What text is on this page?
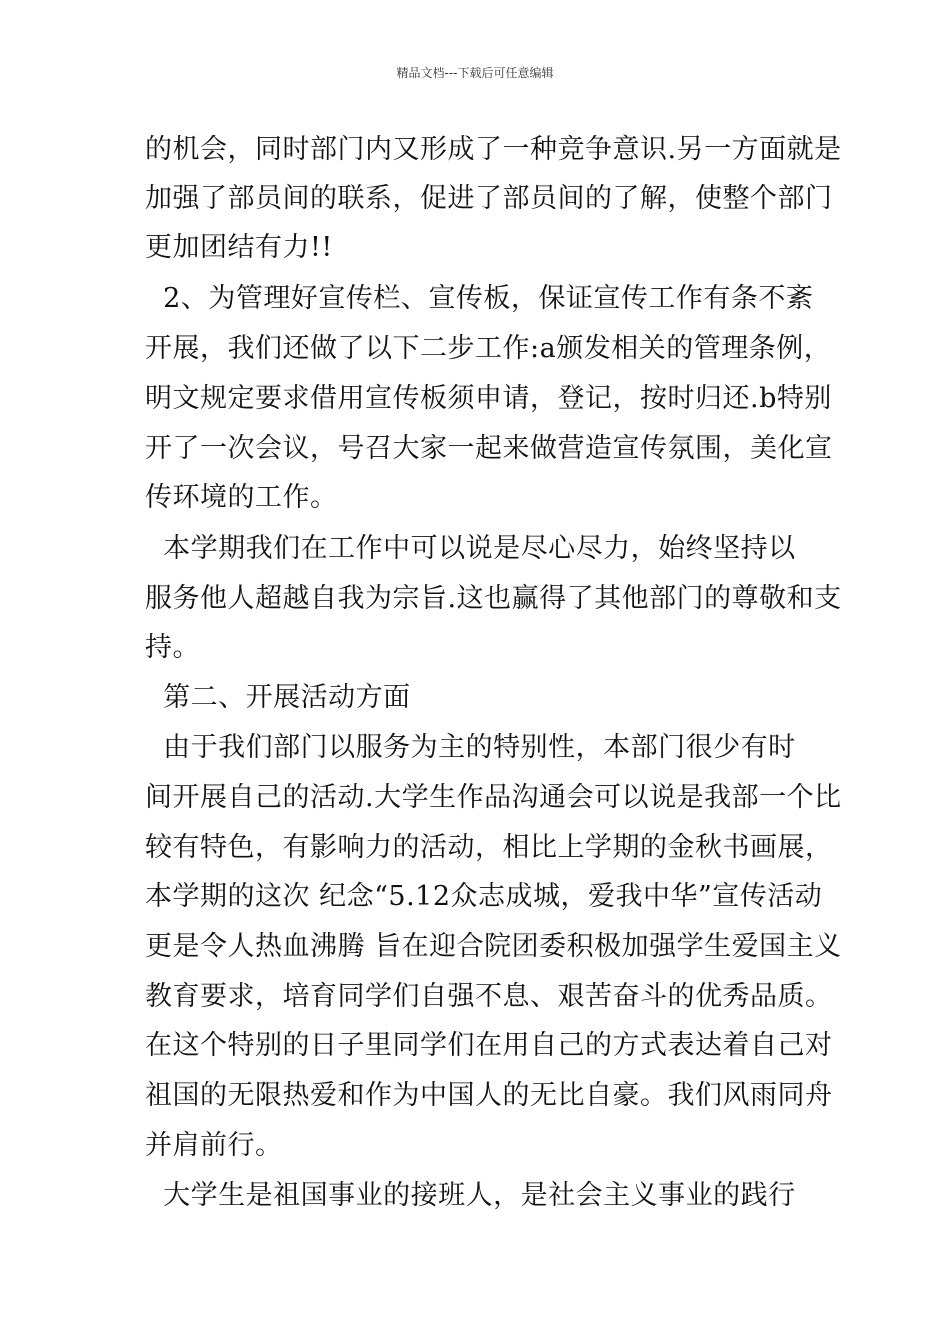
精品文档---下载后可任意编辑
的机会，同时部门内又形成了一种竞争意识.另一方面就是
加强了部员间的联系，促进了部员间的了解，使整个部门
更加团结有力!!
2、为管理好宣传栏、宣传板，保证宣传工作有条不紊
开展，我们还做了以下二步工作:a颁发相关的管理条例，
明文规定要求借用宣传板须申请，登记，按时归还.b特别
开了一次会议，号召大家一起来做营造宣传氛围，美化宣
传环境的工作。
本学期我们在工作中可以说是尽心尽力，始终坚持以
服务他人超越自我为宗旨.这也赢得了其他部门的尊敬和支
持。
第二、开展活动方面
由于我们部门以服务为主的特别性，本部门很少有时
间开展自己的活动.大学生作品沟通会可以说是我部一个比
较有特色，有影响力的活动，相比上学期的金秋书画展，
本学期的这次 纪念“5.12众志成城，爱我中华”宣传活动
更是令人热血沸腾 旨在迎合院团委积极加强学生爱国主义
教育要求，培育同学们自强不息、艰苦奋斗的优秀品质。
在这个特别的日子里同学们在用自己的方式表达着自己对
祖国的无限热爱和作为中国人的无比自豪。我们风雨同舟
并肩前行。
大学生是祖国事业的接班人，是社会主义事业的践行
